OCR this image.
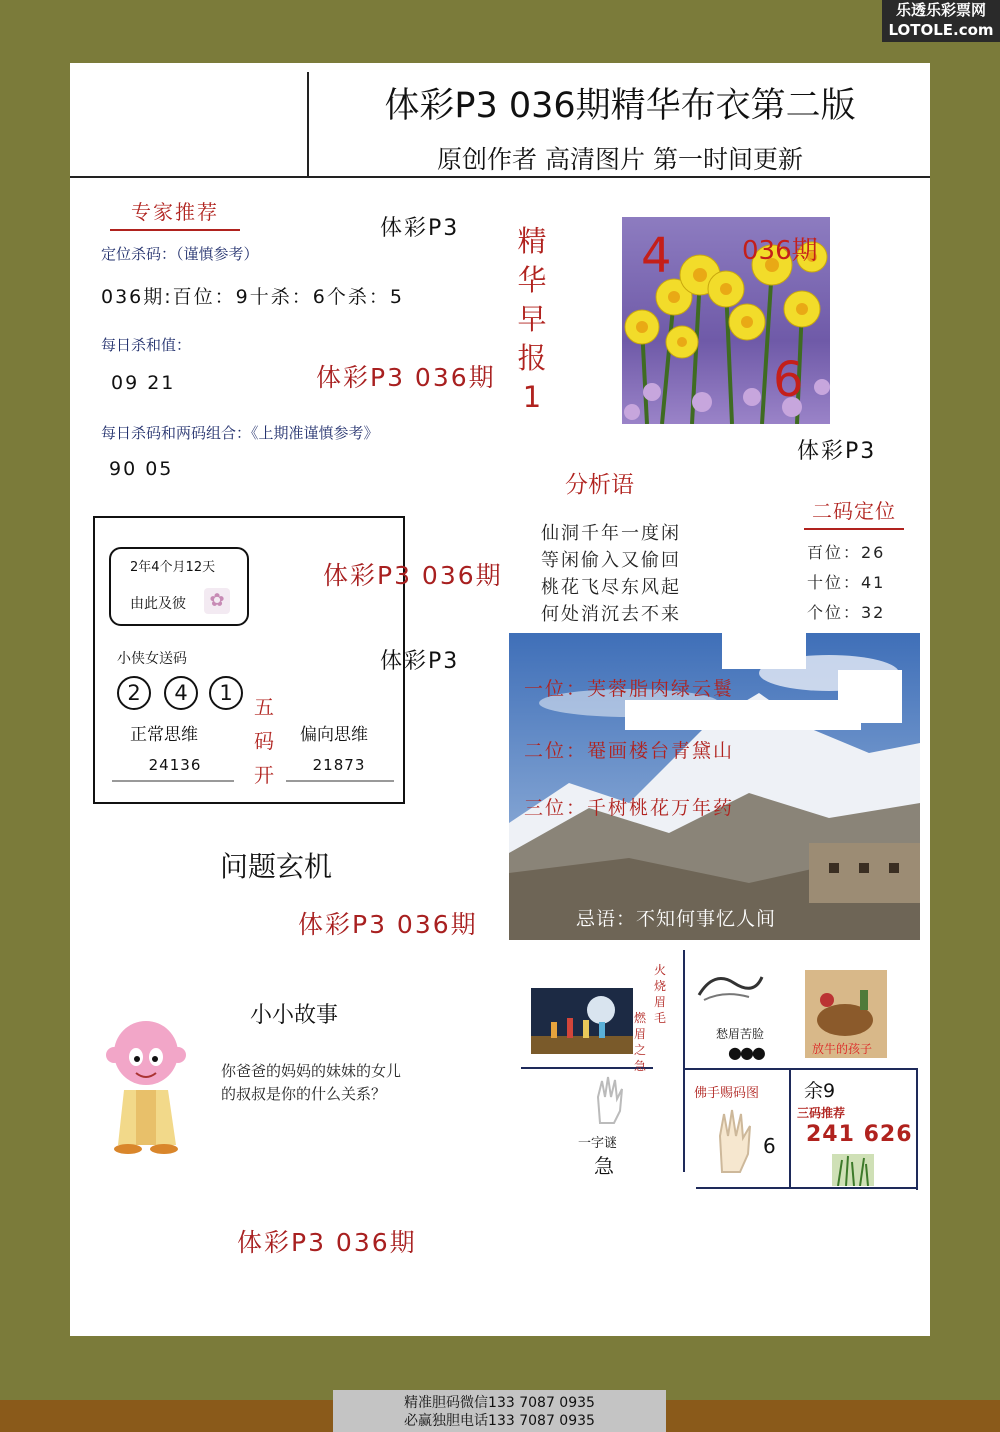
乐透乐彩票网
LOTOLE.com
体彩P3 036期精华布衣第二版
原创作者 高清图片 第一时间更新
专家推荐
体彩P3
定位杀码：（谨慎参考）
036期:百位：9十杀：6个杀：5
每日杀和值：
09 21
每日杀码和两码组合：《上期准谨慎参考》
90 05
体彩P3 036期
精
华
早
报
1
4	036期
6
体彩P3
分析语
仙洞千年一度闲
等闲偷入又偷回
桃花飞尽东风起
何处消沉去不来
二码定位
百位：26
十位：41
个位：32
2年4个月12天
由此及彼	✿
小侠女送码
2	4	1
正常思维
24136
偏向思维
21873
五
码
开
体彩P3 036期
体彩P3
一位：芙蓉脂肉绿云鬟
二位：罨画楼台青黛山
三位：千树桃花万年药
忌语：不知何事忆人间
问题玄机
体彩P3 036期
小小故事
你爸爸的妈妈的妹妹的女儿
的叔叔是你的什么关系？
体彩P3 036期
火
烧
眉
毛
燃
眉
之
急
愁眉苦脸
●●●	放牛的孩子
一字谜
急
佛手赐码图
6
余9
三码推荐
241 626
精准胆码微信133 7087 0935
必赢独胆电话133 7087 0935
